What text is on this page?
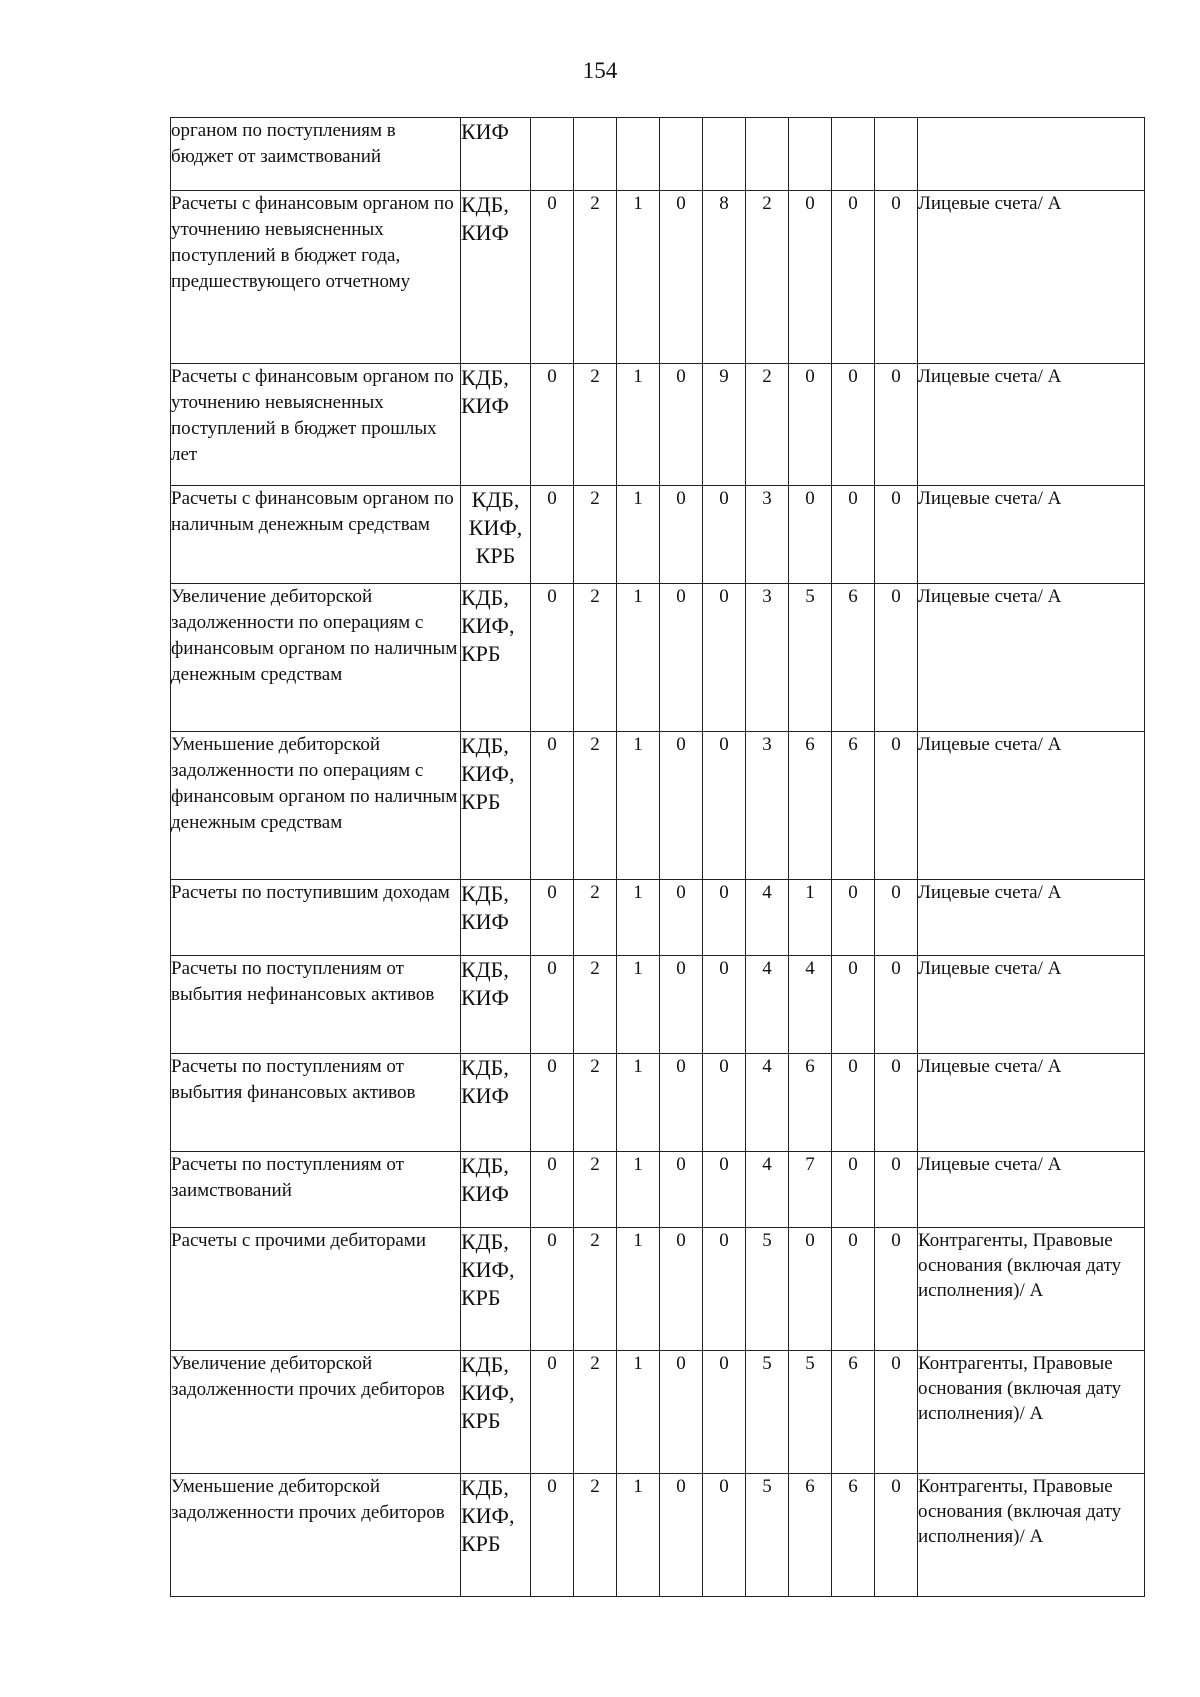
154
органом по поступлениям в бюджет от заимствований	КИФ										
Расчеты с финансовым органом по уточнению невыясненных поступлений в бюджет года, предшествующего отчетному	КДБ, КИФ	0	2	1	0	8	2	0	0	0	Лицевые счета/ А
Расчеты с финансовым органом по уточнению невыясненных поступлений в бюджет прошлых лет	КДБ, КИФ	0	2	1	0	9	2	0	0	0	Лицевые счета/ А
Расчеты с финансовым органом по наличным денежным средствам	КДБ, КИФ, КРБ	0	2	1	0	0	3	0	0	0	Лицевые счета/ А
Увеличение дебиторской задолженности по операциям с финансовым органом по наличным денежным средствам	КДБ, КИФ, КРБ	0	2	1	0	0	3	5	6	0	Лицевые счета/ А
Уменьшение дебиторской задолженности по операциям с финансовым органом по наличным денежным средствам	КДБ, КИФ, КРБ	0	2	1	0	0	3	6	6	0	Лицевые счета/ А
Расчеты по поступившим доходам	КДБ, КИФ	0	2	1	0	0	4	1	0	0	Лицевые счета/ А
Расчеты по поступлениям от выбытия нефинансовых активов	КДБ, КИФ	0	2	1	0	0	4	4	0	0	Лицевые счета/ А
Расчеты по поступлениям от выбытия финансовых активов	КДБ, КИФ	0	2	1	0	0	4	6	0	0	Лицевые счета/ А
Расчеты по поступлениям от заимствований	КДБ, КИФ	0	2	1	0	0	4	7	0	0	Лицевые счета/ А
Расчеты с прочими дебиторами	КДБ, КИФ, КРБ	0	2	1	0	0	5	0	0	0	Контрагенты, Правовые основания (включая дату исполнения)/ А
Увеличение дебиторской задолженности прочих дебиторов	КДБ, КИФ, КРБ	0	2	1	0	0	5	5	6	0	Контрагенты, Правовые основания (включая дату исполнения)/ А
Уменьшение дебиторской задолженности прочих дебиторов	КДБ, КИФ, КРБ	0	2	1	0	0	5	6	6	0	Контрагенты, Правовые основания (включая дату исполнения)/ А
